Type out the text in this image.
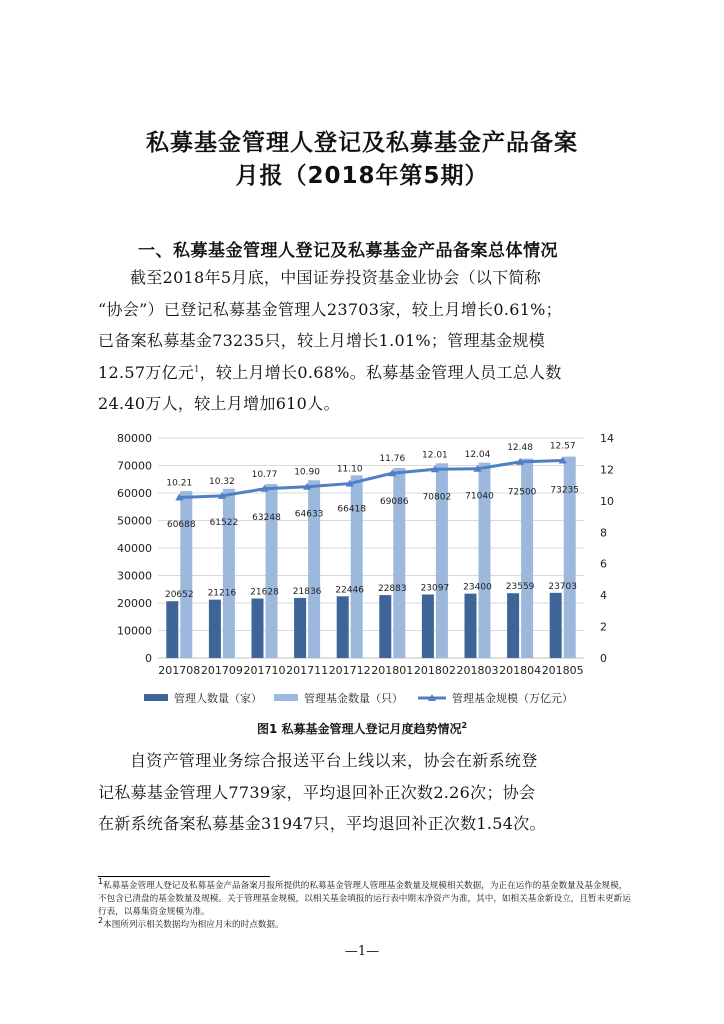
私募基金管理人登记及私募基金产品备案
月报（2018年第5期）
一、私募基金管理人登记及私募基金产品备案总体情况
截至2018年5月底，中国证券投资基金业协会（以下简称
“协会”）已登记私募基金管理人23703家，较上月增长0.61%；
已备案私募基金73235只，较上月增长1.01%；管理基金规模
12.57万亿元$^1$，较上月增长0.68%。私募基金管理人员工总人数
24.40万人，较上月增加610人。
0
10000
20000
30000
40000
50000
60000
70000
80000
0
2
4
6
8
10
12
14
20652
60688
21216
61522
21628
63248
21836
64633
22446
66418
22883
69086
23097
70802
23400
71040
23559
72500
23703
73235
10.21 10.32
10.77 10.90 11.10
11.76 12.01 12.04
12.48 12.57
201708 201709 201710 201711 201712 201801 201802 201803 201804 201805
管理人数量（家）	管理基金数量（只）	管理基金规模（万亿元）

图1 私募基金管理人登记月度趋势情况$^2$

自资产管理业务综合报送平台上线以来，协会在新系统登
记私募基金管理人7739家，平均退回补正次数2.26次；协会
在新系统备案私募基金31947只，平均退回补正次数1.54次。

$^1$私募基金管理人登记及私募基金产品备案月报所提供的私募基金管理人管理基金数量及规模相关数据，为正在运作的基金数量及基金规模，不包含已清盘的基金数量及规模。关于管理基金规模，以相关基金填报的运行表中期末净资产为准，其中，如相关基金新设立，且暂未更新运行表，以募集资金规模为准。

$^2$本图所列示相关数据均为相应月末的时点数据。

—1—
